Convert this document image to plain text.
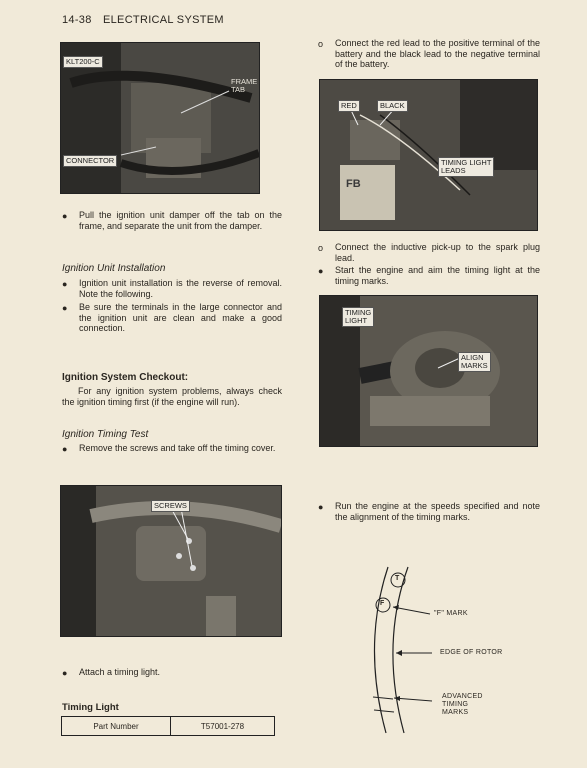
14-38 ELECTRICAL SYSTEM
KLT200-C
FRAME
TAB
CONNECTOR
● Pull the ignition unit damper off the tab on the frame, and separate the unit from the damper.
Ignition Unit Installation
● Ignition unit installation is the reverse of removal. Note the following.
● Be sure the terminals in the large connector and the ignition unit are clean and make a good connection.
Ignition System Checkout:
For any ignition system problems, always check the ignition timing first (if the engine will run).
Ignition Timing Test
● Remove the screws and take off the timing cover.
SCREWS
● Attach a timing light.
Timing Light
Part Number	T57001-278
o Connect the red lead to the positive terminal of the battery and the black lead to the negative terminal of the battery.
RED	BLACK
TIMING LIGHT
LEADS
FB
o Connect the inductive pick-up to the spark plug lead.
● Start the engine and aim the timing light at the timing marks.
TIMING
LIGHT
ALIGN
MARKS
● Run the engine at the speeds specified and note the alignment of the timing marks.
T
F
"F" MARK
EDGE OF ROTOR
ADVANCED
TIMING
MARKS
